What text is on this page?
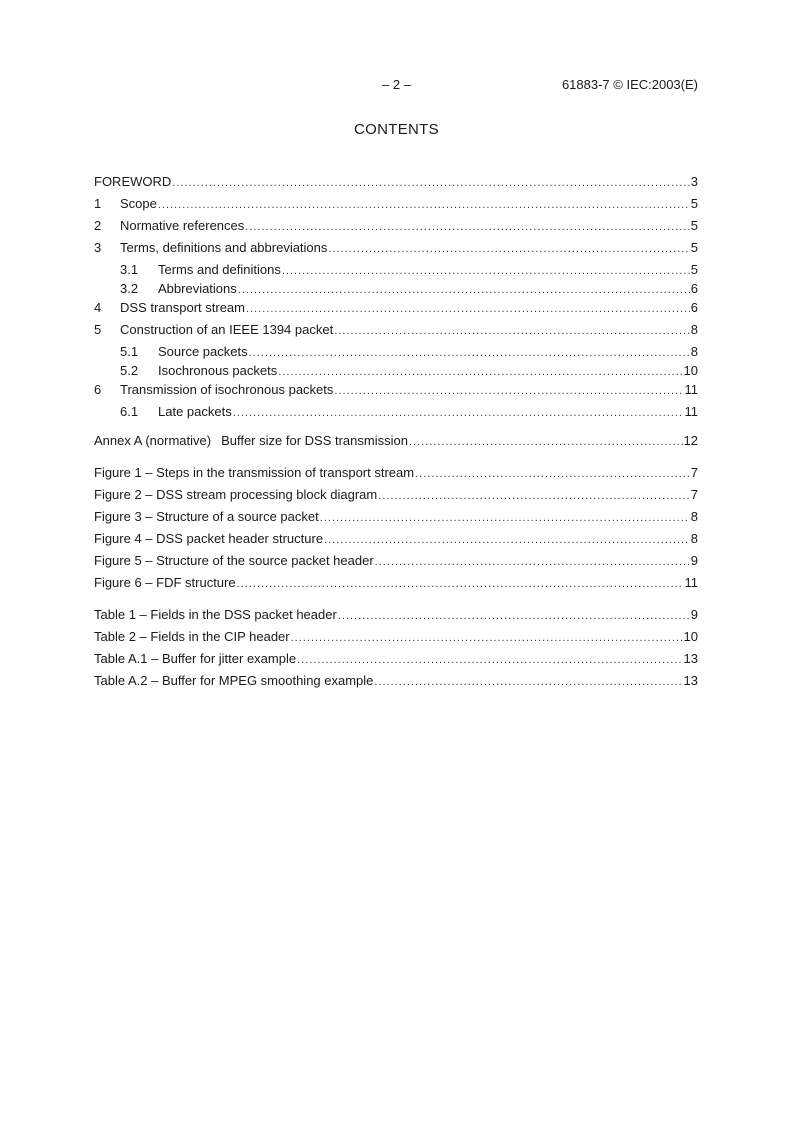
– 2 –	61883-7 © IEC:2003(E)
CONTENTS
FOREWORD .....	3
1	Scope .....	5
2	Normative references .....	5
3	Terms, definitions and abbreviations .....	5
3.1	Terms and definitions .....	5
3.2	Abbreviations .....	6
4	DSS transport stream .....	6
5	Construction of an IEEE 1394 packet .....	8
5.1	Source packets .....	8
5.2	Isochronous packets .....	10
6	Transmission of isochronous packets .....	11
6.1	Late packets .....	11
Annex A (normative) Buffer size for DSS transmission .....	12
Figure 1 – Steps in the transmission of transport stream .....	7
Figure 2 – DSS stream processing block diagram .....	7
Figure 3 – Structure of a source packet .....	8
Figure 4 – DSS packet header structure .....	8
Figure 5 – Structure of the source packet header .....	9
Figure 6 – FDF structure .....	11
Table 1 – Fields in the DSS packet header .....	9
Table 2 – Fields in the CIP header .....	10
Table A.1 – Buffer for jitter example .....	13
Table A.2 – Buffer for MPEG smoothing example .....	13
